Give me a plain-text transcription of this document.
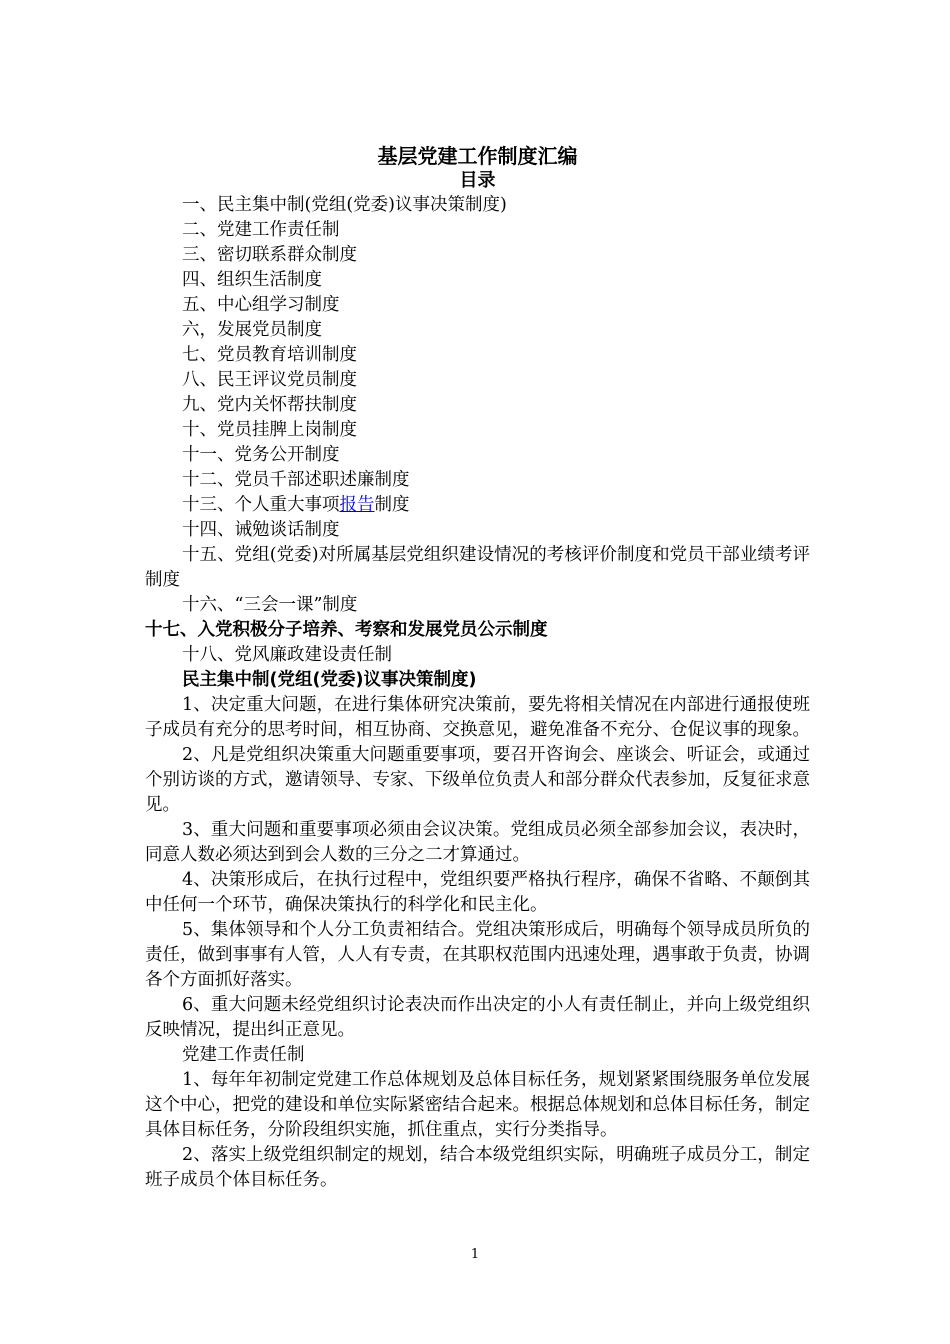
基层党建工作制度汇编
目录
一、民主集中制(党组(党委)议事决策制度)
二、党建工作责任制
三、密切联系群众制度
四、组织生活制度
五、中心组学习制度
六，发展党员制度
七、党员教育培训制度
八、民王评议党员制度
九、党内关怀帮扶制度
十、党员挂脾上岗制度
十一、党务公开制度
十二、党员千部述职述廉制度
十三、个人重大事项报告制度
十四、诫勉谈话制度
十五、党组(党委)对所属基层党组织建设情况的考核评价制度和党员干部业绩考评制度
十六、“三会一课”制度
十七、入党积极分子培养、考察和发展党员公示制度
十八、党风廉政建设责任制
民主集中制(党组(党委)议事决策制度)
1、决定重大问题，在进行集体研究决策前，要先将相关情况在内部进行通报使班子成员有充分的思考时间，相互协商、交换意见，避免准备不充分、仓促议事的现象。
2、凡是党组织决策重大问题重要事项，要召开咨询会、座谈会、听证会，或通过个别访谈的方式，邀请领导、专家、下级单位负责人和部分群众代表参加，反复征求意见。
3、重大问题和重要事项必须由会议决策。党组成员必须全部参加会议，表决时，同意人数必须达到到会人数的三分之二才算通过。
4、决策形成后，在执行过程中，党组织要严格执行程序，确保不省略、不颠倒其中任何一个环节，确保决策执行的科学化和民主化。
5、集体领导和个人分工负责衵结合。党组决策形成后，明确每个领导成员所负的责任，做到事事有人管，人人有专责，在其职权范围内迅速处理，遇事敢于负责，协调各个方面抓好落实。
6、重大问题未经党组织讨论表决而作出决定的小人有责任制止，并向上级党组织反映情况，提出纠正意见。
党建工作责任制
1、每年年初制定党建工作总体规划及总体目标任务，规划紧紧围绕服务单位发展这个中心，把党的建设和单位实际紧密结合起来。根据总体规划和总体目标任务，制定具体目标任务，分阶段组织实施，抓住重点，实行分类指导。
2、落实上级党组织制定的规划，结合本级党组织实际，明确班子成员分工，制定班子成员个体目标任务。
1
